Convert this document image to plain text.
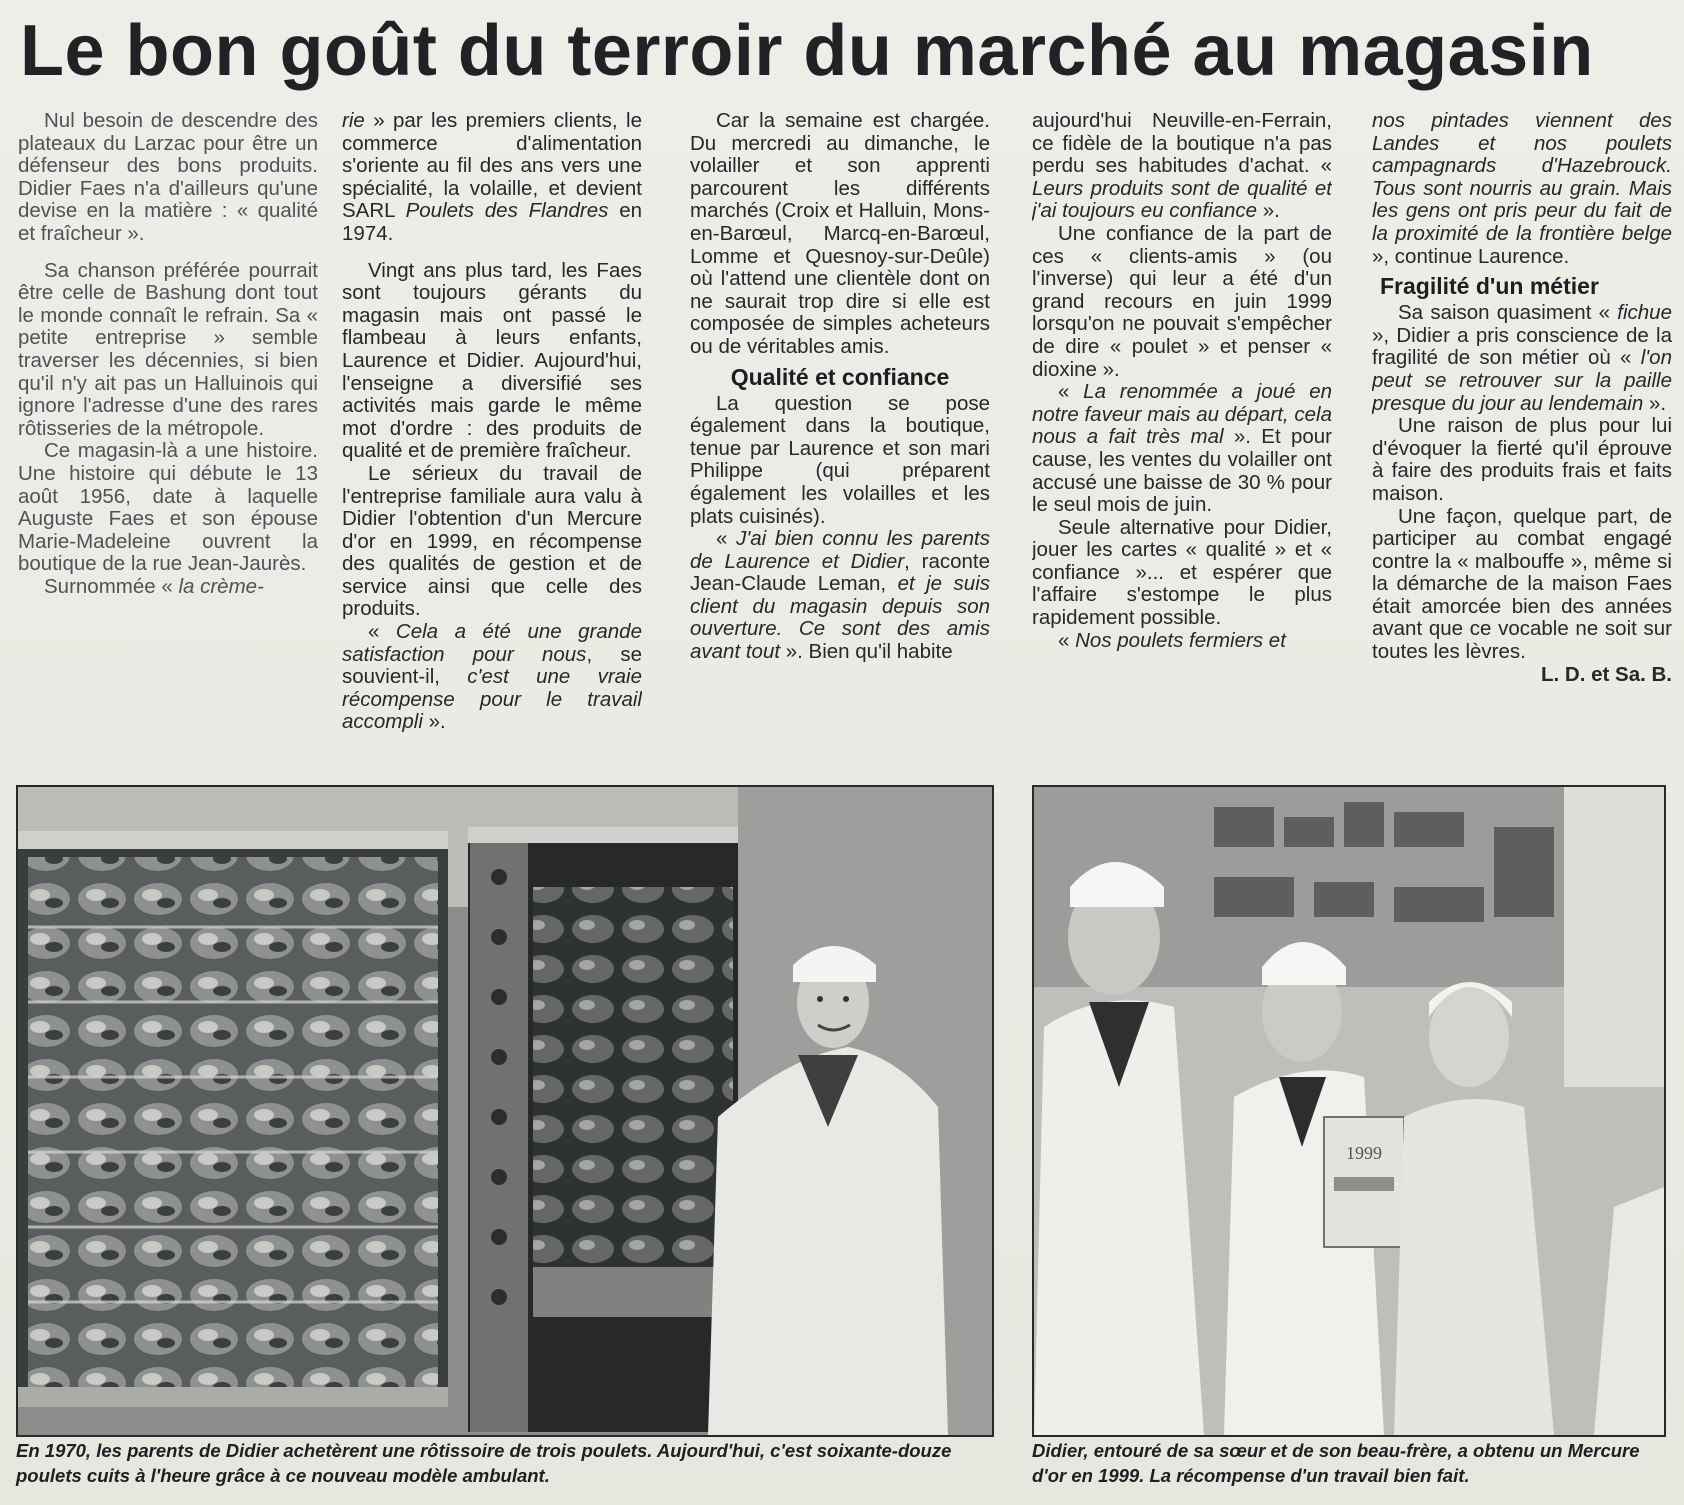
Le bon goût du terroir du marché au magasin

Nul besoin de descendre des plateaux du Larzac pour être un défenseur des bons produits. Didier Faes n'a d'ailleurs qu'une devise en la matière : « qualité et fraîcheur ».

Sa chanson préférée pourrait être celle de Bashung dont tout le monde connaît le refrain. Sa « petite entreprise » semble traverser les décennies, si bien qu'il n'y ait pas un Halluinois qui ignore l'adresse d'une des rares rôtisseries de la métropole.

Ce magasin-là a une histoire. Une histoire qui débute le 13 août 1956, date à laquelle Auguste Faes et son épouse Marie-Madeleine ouvrent la boutique de la rue Jean-Jaurès.

Surnommée « la crème-

rie » par les premiers clients, le commerce d'alimentation s'oriente au fil des ans vers une spécialité, la volaille, et devient SARL Poulets des Flandres en 1974.

Vingt ans plus tard, les Faes sont toujours gérants du magasin mais ont passé le flambeau à leurs enfants, Laurence et Didier. Aujourd'hui, l'enseigne a diversifié ses activités mais garde le même mot d'ordre : des produits de qualité et de première fraîcheur.

Le sérieux du travail de l'entreprise familiale aura valu à Didier l'obtention d'un Mercure d'or en 1999, en récompense des qualités de gestion et de service ainsi que celle des produits.

« Cela a été une grande satisfaction pour nous, se souvient-il, c'est une vraie récompense pour le travail accompli ».

Car la semaine est chargée. Du mercredi au dimanche, le volailler et son apprenti parcourent les différents marchés (Croix et Halluin, Mons-en-Barœul, Marcq-en-Barœul, Lomme et Quesnoy-sur-Deûle) où l'attend une clientèle dont on ne saurait trop dire si elle est composée de simples acheteurs ou de véritables amis.

Qualité et confiance

La question se pose également dans la boutique, tenue par Laurence et son mari Philippe (qui préparent également les volailles et les plats cuisinés).

« J'ai bien connu les parents de Laurence et Didier, raconte Jean-Claude Leman, et je suis client du magasin depuis son ouverture. Ce sont des amis avant tout ». Bien qu'il habite

aujourd'hui Neuville-en-Ferrain, ce fidèle de la boutique n'a pas perdu ses habitudes d'achat. « Leurs produits sont de qualité et j'ai toujours eu confiance ».

Une confiance de la part de ces « clients-amis » (ou l'inverse) qui leur a été d'un grand recours en juin 1999 lorsqu'on ne pouvait s'empêcher de dire « poulet » et penser « dioxine ».

« La renommée a joué en notre faveur mais au départ, cela nous a fait très mal ». Et pour cause, les ventes du volailler ont accusé une baisse de 30 % pour le seul mois de juin.

Seule alternative pour Didier, jouer les cartes « qualité » et « confiance »... et espérer que l'affaire s'estompe le plus rapidement possible.

« Nos poulets fermiers et

nos pintades viennent des Landes et nos poulets campagnards d'Hazebrouck. Tous sont nourris au grain. Mais les gens ont pris peur du fait de la proximité de la frontière belge », continue Laurence.

Fragilité d'un métier

Sa saison quasiment « fichue », Didier a pris conscience de la fragilité de son métier où « l'on peut se retrouver sur la paille presque du jour au lendemain ».

Une raison de plus pour lui d'évoquer la fierté qu'il éprouve à faire des produits frais et faits maison.

Une façon, quelque part, de participer au combat engagé contre la « malbouffe », même si la démarche de la maison Faes était amorcée bien des années avant que ce vocable ne soit sur toutes les lèvres.

L. D. et Sa. B.

1999

En 1970, les parents de Didier achetèrent une rôtissoire de trois poulets. Aujourd'hui, c'est soixante-douze poulets cuits à l'heure grâce à ce nouveau modèle ambulant.

Didier, entouré de sa sœur et de son beau-frère, a obtenu un Mercure d'or en 1999. La récompense d'un travail bien fait.
